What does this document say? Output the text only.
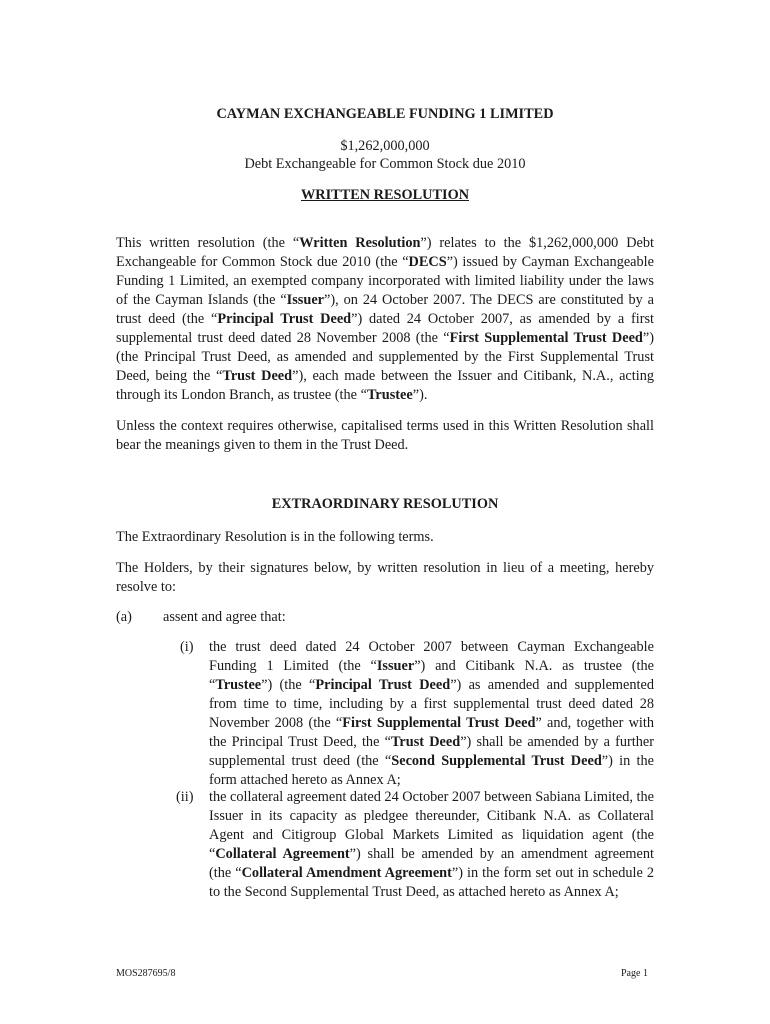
CAYMAN EXCHANGEABLE FUNDING 1 LIMITED
$1,262,000,000
Debt Exchangeable for Common Stock due 2010
WRITTEN RESOLUTION
This written resolution (the “Written Resolution”) relates to the $1,262,000,000 Debt Exchangeable for Common Stock due 2010 (the “DECS”) issued by Cayman Exchangeable Funding 1 Limited, an exempted company incorporated with limited liability under the laws of the Cayman Islands (the “Issuer”), on 24 October 2007. The DECS are constituted by a trust deed (the “Principal Trust Deed”) dated 24 October 2007, as amended by a first supplemental trust deed dated 28 November 2008 (the “First Supplemental Trust Deed”) (the Principal Trust Deed, as amended and supplemented by the First Supplemental Trust Deed, being the “Trust Deed”), each made between the Issuer and Citibank, N.A., acting through its London Branch, as trustee (the “Trustee”).
Unless the context requires otherwise, capitalised terms used in this Written Resolution shall bear the meanings given to them in the Trust Deed.
EXTRAORDINARY RESOLUTION
The Extraordinary Resolution is in the following terms.
The Holders, by their signatures below, by written resolution in lieu of a meeting, hereby resolve to:
(a) assent and agree that:
(i) the trust deed dated 24 October 2007 between Cayman Exchangeable Funding 1 Limited (the “Issuer”) and Citibank N.A. as trustee (the “Trustee”) (the “Principal Trust Deed”) as amended and supplemented from time to time, including by a first supplemental trust deed dated 28 November 2008 (the “First Supplemental Trust Deed” and, together with the Principal Trust Deed, the “Trust Deed”) shall be amended by a further supplemental trust deed (the “Second Supplemental Trust Deed”) in the form attached hereto as Annex A;
(ii) the collateral agreement dated 24 October 2007 between Sabiana Limited, the Issuer in its capacity as pledgee thereunder, Citibank N.A. as Collateral Agent and Citigroup Global Markets Limited as liquidation agent (the “Collateral Agreement”) shall be amended by an amendment agreement (the “Collateral Amendment Agreement”) in the form set out in schedule 2 to the Second Supplemental Trust Deed, as attached hereto as Annex A;
MOS287695/8	Page 1
